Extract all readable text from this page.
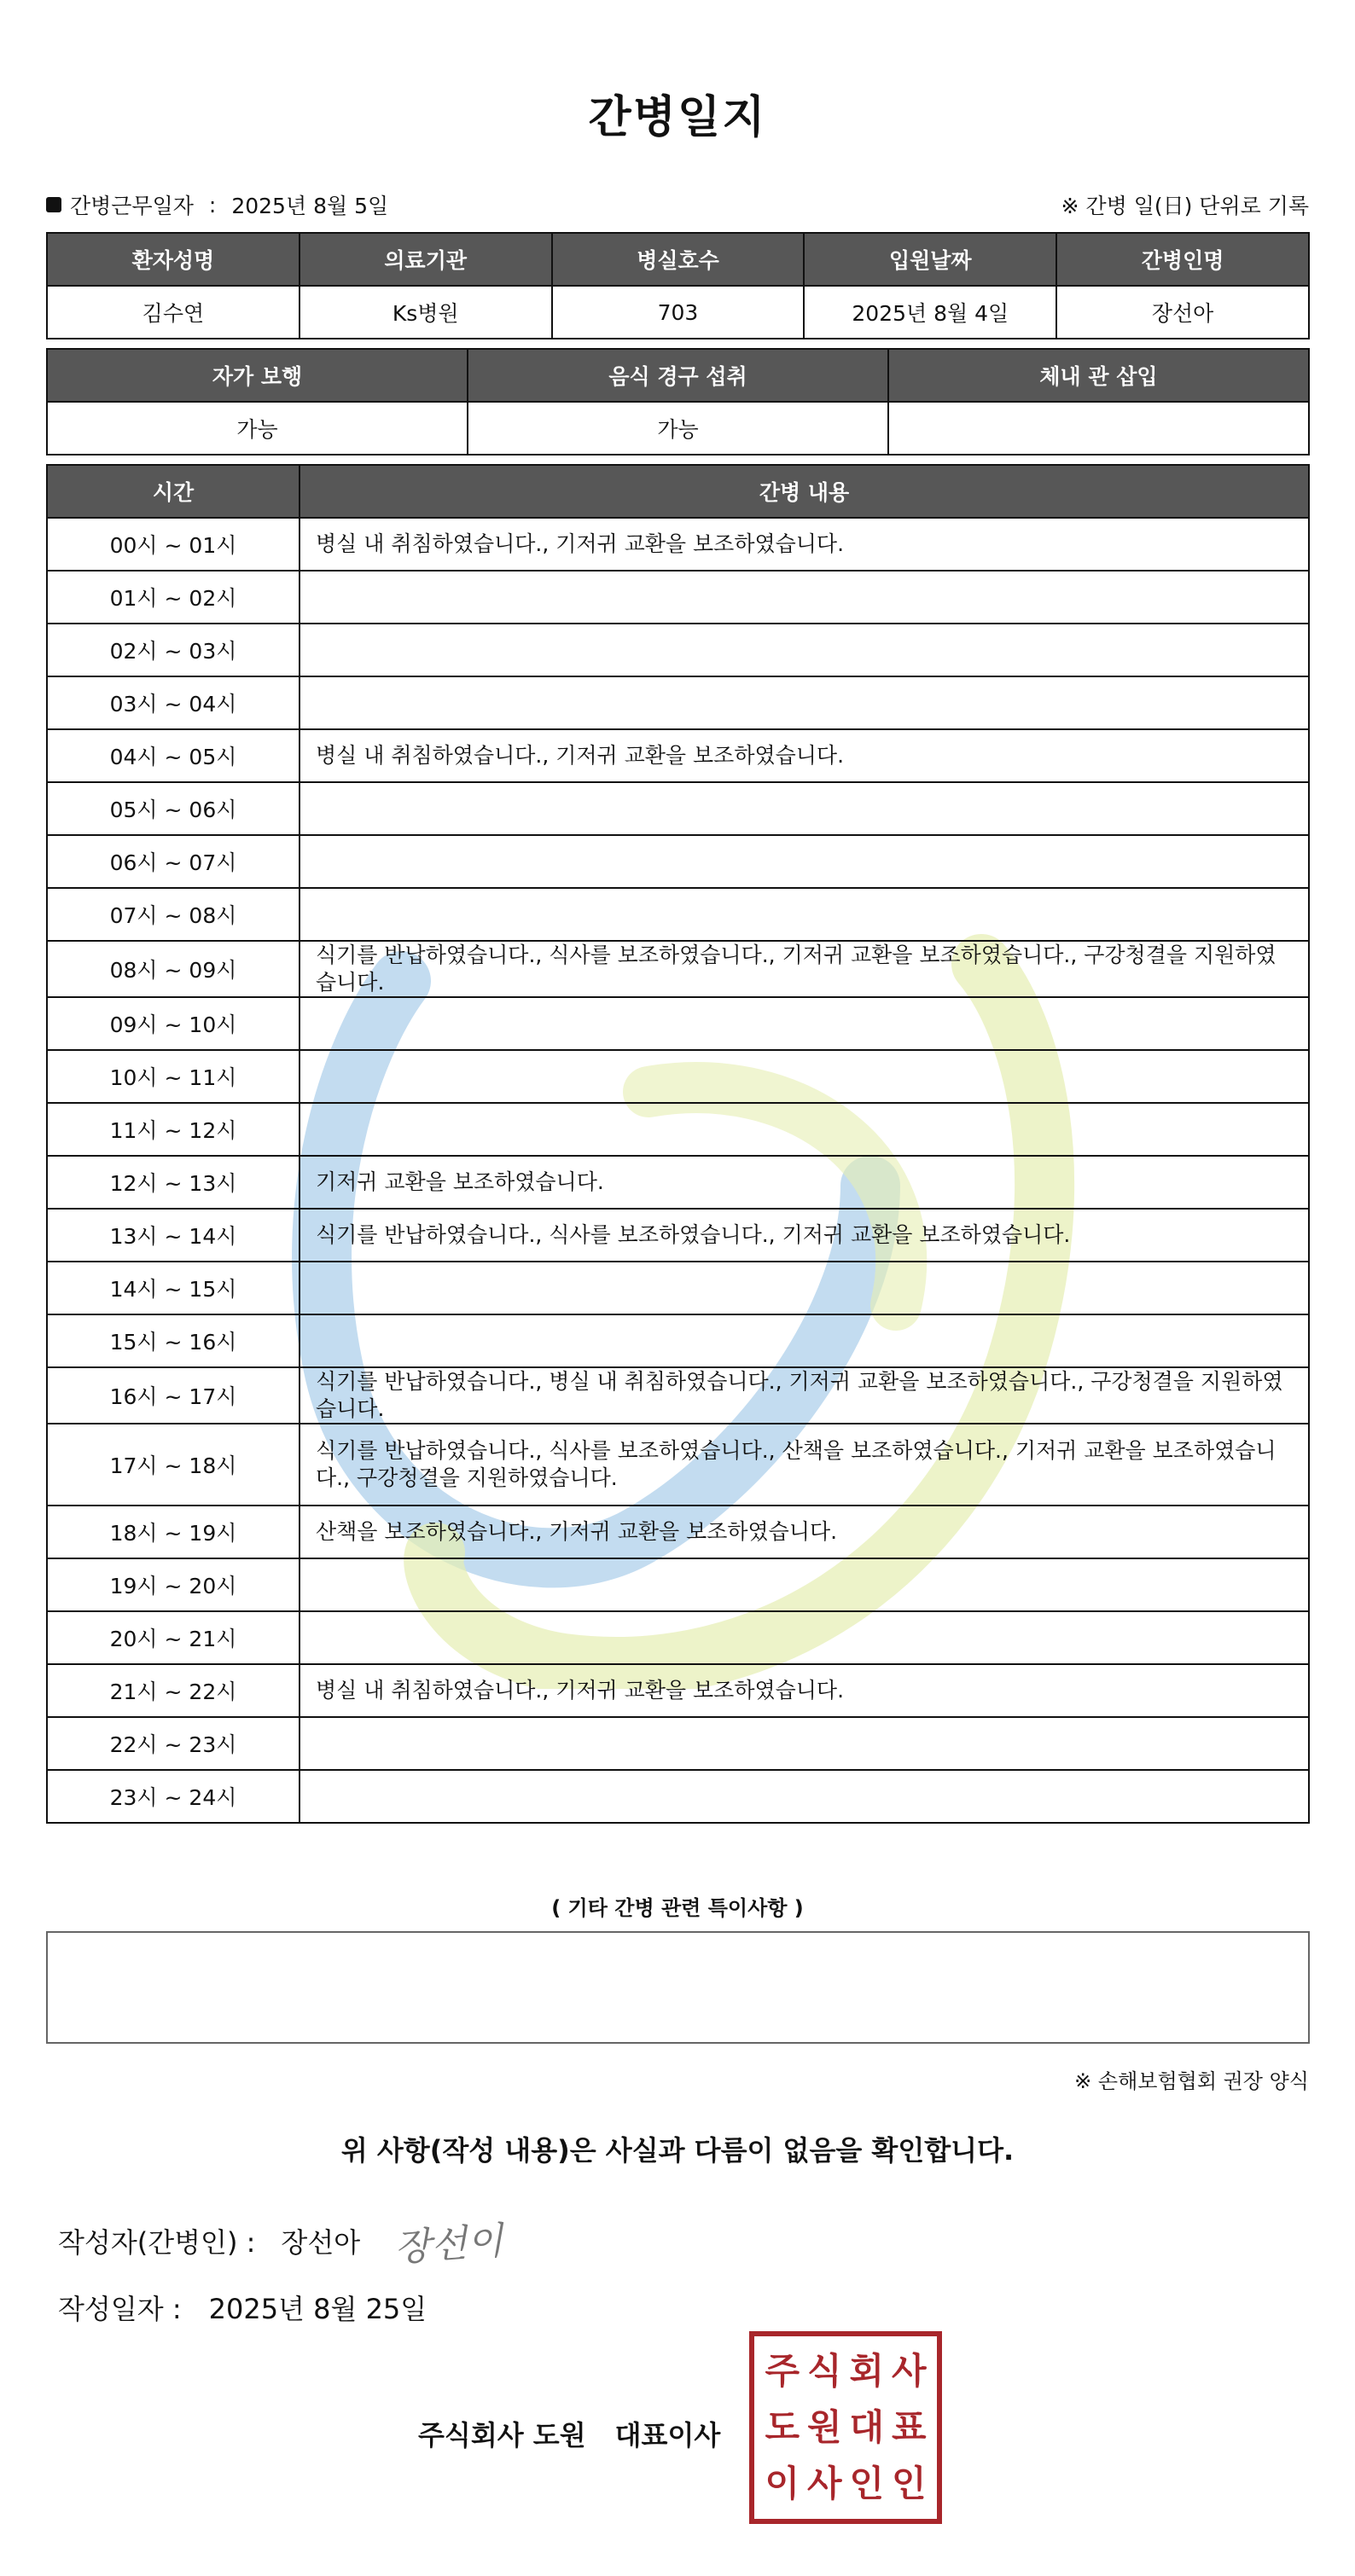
간병일지
간병근무일자 : 2025년 8월 5일	※ 간병 일(日) 단위로 기록
환자성명	의료기관	병실호수	입원날짜	간병인명
김수연	Ks병원	703	2025년 8월 4일	장선아
자가 보행	음식 경구 섭취	체내 관 삽입
가능	가능	
시간	간병 내용
00시 ~ 01시	병실 내 취침하였습니다., 기저귀 교환을 보조하였습니다.
01시 ~ 02시	
02시 ~ 03시	
03시 ~ 04시	
04시 ~ 05시	병실 내 취침하였습니다., 기저귀 교환을 보조하였습니다.
05시 ~ 06시	
06시 ~ 07시	
07시 ~ 08시	
08시 ~ 09시	식기를 반납하였습니다., 식사를 보조하였습니다., 기저귀 교환을 보조하였습니다., 구강청결을 지원하였습니다.
09시 ~ 10시	
10시 ~ 11시	
11시 ~ 12시	
12시 ~ 13시	기저귀 교환을 보조하였습니다.
13시 ~ 14시	식기를 반납하였습니다., 식사를 보조하였습니다., 기저귀 교환을 보조하였습니다.
14시 ~ 15시	
15시 ~ 16시	
16시 ~ 17시	식기를 반납하였습니다., 병실 내 취침하였습니다., 기저귀 교환을 보조하였습니다., 구강청결을 지원하였습니다.
17시 ~ 18시	식기를 반납하였습니다., 식사를 보조하였습니다., 산책을 보조하였습니다., 기저귀 교환을 보조하였습니다., 구강청결을 지원하였습니다.
18시 ~ 19시	산책을 보조하였습니다., 기저귀 교환을 보조하였습니다.
19시 ~ 20시	
20시 ~ 21시	
21시 ~ 22시	병실 내 취침하였습니다., 기저귀 교환을 보조하였습니다.
22시 ~ 23시	
23시 ~ 24시	
( 기타 간병 관련 특이사항 )
※ 손해보험협회 권장 양식
위 사항(작성 내용)은 사실과 다름이 없음을 확인합니다.
작성자(간병인) : 장선아 장선이
작성일자 : 2025년 8월 25일
주식회사 도원 대표이사
주 식 회 사
도 원 대 표
이 사 인 인
